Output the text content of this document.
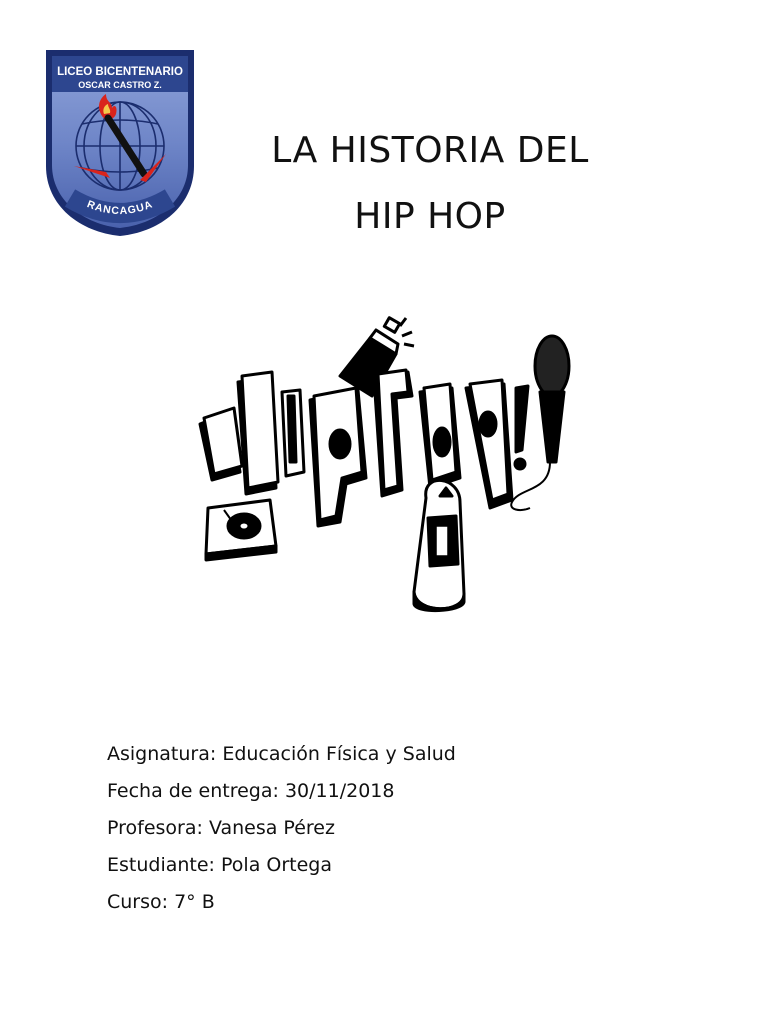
LICEO BICENTENARIO
OSCAR CASTRO Z.
RANCAGUA
LA HISTORIA DEL
HIP HOP
Asignatura: Educación Física y Salud
Fecha de entrega: 30/11/2018
Profesora: Vanesa Pérez
Estudiante: Pola Ortega
Curso: 7° B
